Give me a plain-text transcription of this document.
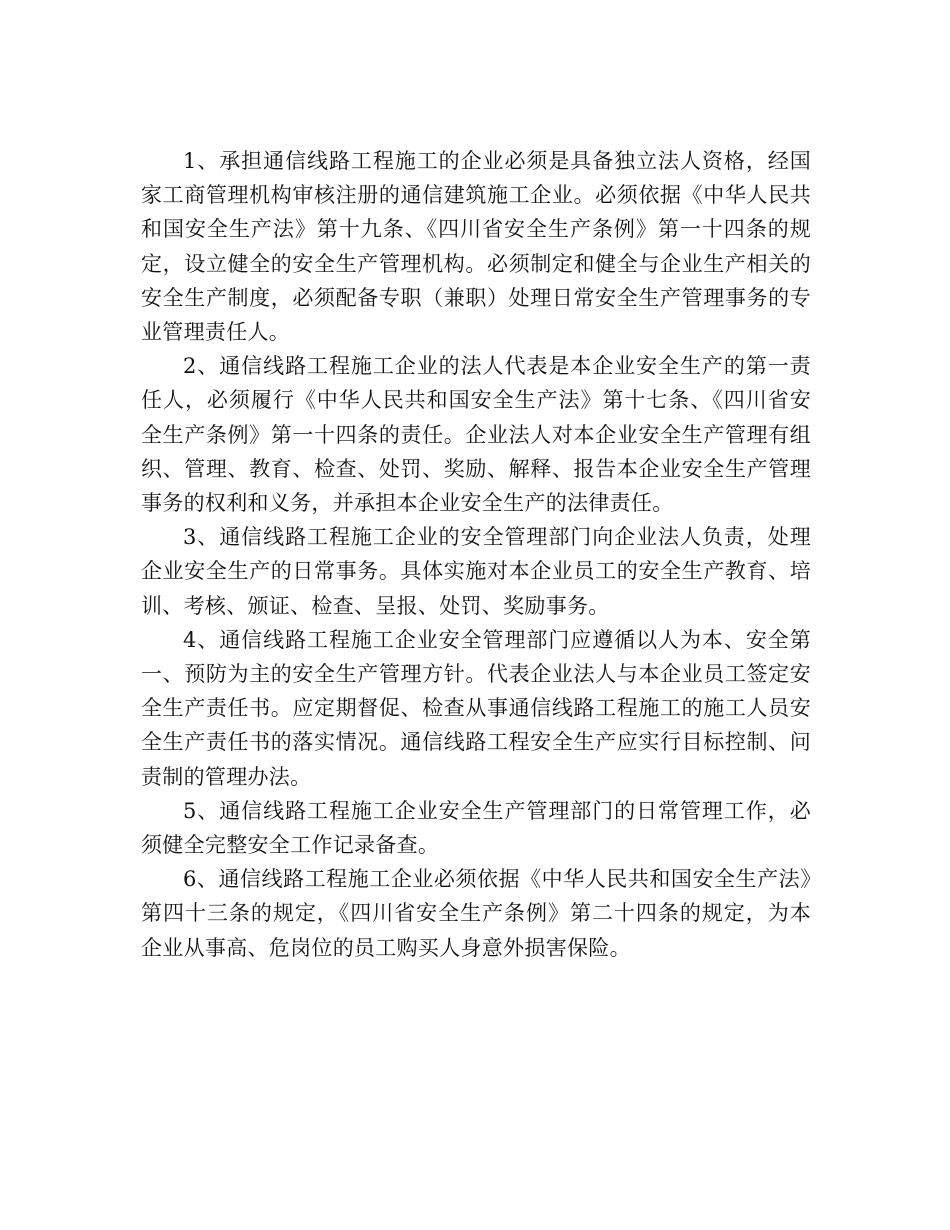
1、承担通信线路工程施工的企业必须是具备独立法人资格，经国家工商管理机构审核注册的通信建筑施工企业。必须依据《中华人民共和国安全生产法》第十九条、《四川省安全生产条例》第一十四条的规定，设立健全的安全生产管理机构。必须制定和健全与企业生产相关的安全生产制度，必须配备专职（兼职）处理日常安全生产管理事务的专业管理责任人。

2、通信线路工程施工企业的法人代表是本企业安全生产的第一责任人，必须履行《中华人民共和国安全生产法》第十七条、《四川省安全生产条例》第一十四条的责任。企业法人对本企业安全生产管理有组织、管理、教育、检查、处罚、奖励、解释、报告本企业安全生产管理事务的权利和义务，并承担本企业安全生产的法律责任。

3、通信线路工程施工企业的安全管理部门向企业法人负责，处理企业安全生产的日常事务。具体实施对本企业员工的安全生产教育、培训、考核、颁证、检查、呈报、处罚、奖励事务。

4、通信线路工程施工企业安全管理部门应遵循以人为本、安全第一、预防为主的安全生产管理方针。代表企业法人与本企业员工签定安全生产责任书。应定期督促、检查从事通信线路工程施工的施工人员安全生产责任书的落实情况。通信线路工程安全生产应实行目标控制、问责制的管理办法。

5、通信线路工程施工企业安全生产管理部门的日常管理工作，必须健全完整安全工作记录备查。

6、通信线路工程施工企业必须依据《中华人民共和国安全生产法》第四十三条的规定，《四川省安全生产条例》第二十四条的规定，为本企业从事高、危岗位的员工购买人身意外损害保险。
